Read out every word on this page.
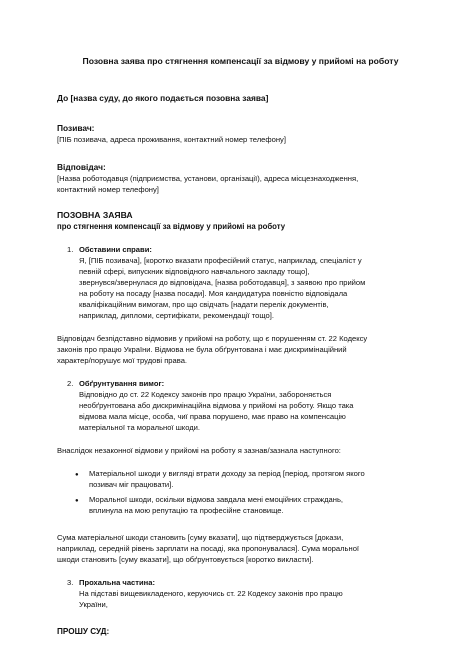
Позовна заява про стягнення компенсації за відмову у прийомі на роботу
До [назва суду, до якого подається позовна заява]
Позивач:
[ПІБ позивача, адреса проживання, контактний номер телефону]
Відповідач:
[Назва роботодавця (підприємства, установи, організації), адреса місцезнаходження,
контактний номер телефону]
ПОЗОВНА ЗАЯВА
про стягнення компенсації за відмову у прийомі на роботу
1. Обставини справи:
Я, [ПІБ позивача], [коротко вказати професійний статус, наприклад, спеціаліст у
певній сфері, випускник відповідного навчального закладу тощо],
звернувся/звернулася до відповідача, [назва роботодавця], з заявою про прийом
на роботу на посаду [назва посади]. Моя кандидатура повністю відповідала
кваліфікаційним вимогам, про що свідчать [надати перелік документів,
наприклад, дипломи, сертифікати, рекомендації тощо].
Відповідач безпідставно відмовив у прийомі на роботу, що є порушенням ст. 22 Кодексу
законів про працю України. Відмова не була обґрунтована і має дискримінаційний
характер/порушує мої трудові права.
2. Обґрунтування вимог:
Відповідно до ст. 22 Кодексу законів про працю України, забороняється
необґрунтована або дискримінаційна відмова у прийомі на роботу. Якщо така
відмова мала місце, особа, чиї права порушено, має право на компенсацію
матеріальної та моральної шкоди.
Внаслідок незаконної відмови у прийомі на роботу я зазнав/зазнала наступного:
●
Матеріальної шкоди у вигляді втрати доходу за період [період, протягом якого
позивач міг працювати].
●
Моральної шкоди, оскільки відмова завдала мені емоційних страждань,
вплинула на мою репутацію та професійне становище.
Сума матеріальної шкоди становить [суму вказати], що підтверджується [докази,
наприклад, середній рівень зарплати на посаді, яка пропонувалася]. Сума моральної
шкоди становить [суму вказати], що обґрунтовується [коротко викласти].
3. Прохальна частина:
На підставі вищевикладеного, керуючись ст. 22 Кодексу законів про працю
України,
ПРОШУ СУД:
